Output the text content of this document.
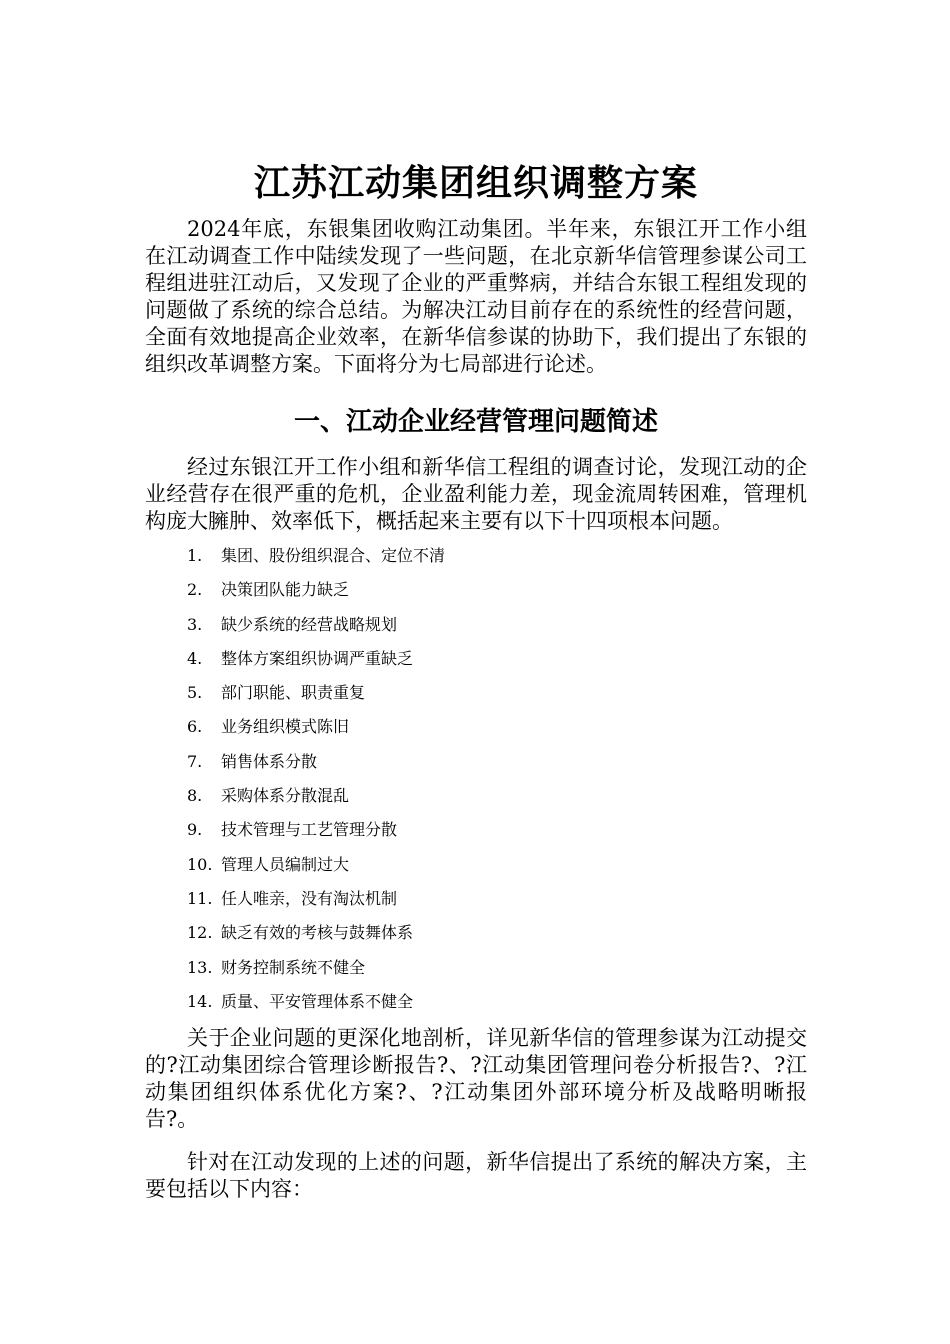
江苏江动集团组织调整方案

2024年底，东银集团收购江动集团。半年来，东银江开工作小组在江动调查工作中陆续发现了一些问题，在北京新华信管理参谋公司工程组进驻江动后，又发现了企业的严重弊病，并结合东银工程组发现的问题做了系统的综合总结。为解决江动目前存在的系统性的经营问题，全面有效地提高企业效率，在新华信参谋的协助下，我们提出了东银的组织改革调整方案。下面将分为七局部进行论述。

一、江动企业经营管理问题简述

经过东银江开工作小组和新华信工程组的调查讨论，发现江动的企业经营存在很严重的危机，企业盈利能力差，现金流周转困难，管理机构庞大臃肿、效率低下，概括起来主要有以下十四项根本问题。

1. 集团、股份组织混合、定位不清
2. 决策团队能力缺乏
3. 缺少系统的经营战略规划
4. 整体方案组织协调严重缺乏
5. 部门职能、职责重复
6. 业务组织模式陈旧
7. 销售体系分散
8. 采购体系分散混乱
9. 技术管理与工艺管理分散
10. 管理人员编制过大
11. 任人唯亲，没有淘汰机制
12. 缺乏有效的考核与鼓舞体系
13. 财务控制系统不健全
14. 质量、平安管理体系不健全

关于企业问题的更深化地剖析，详见新华信的管理参谋为江动提交的?江动集团综合管理诊断报告?、?江动集团管理问卷分析报告?、?江动集团组织体系优化方案?、?江动集团外部环境分析及战略明晰报告?。

针对在江动发现的上述的问题，新华信提出了系统的解决方案，主要包括以下内容：
